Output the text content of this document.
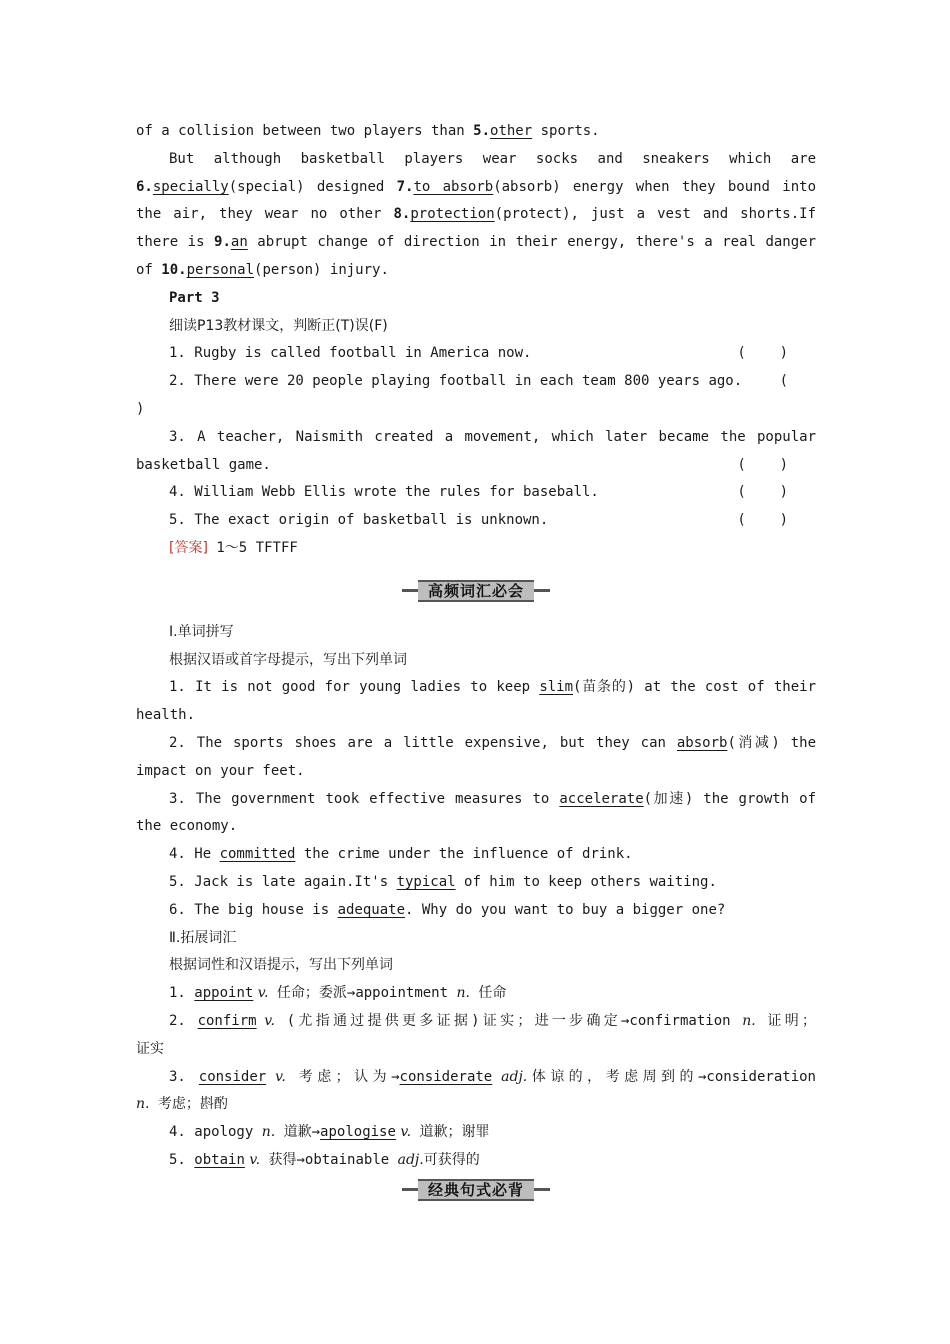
of a collision between two players than 5.other sports.
But although basketball players wear socks and sneakers which are
6.specially(special) designed 7.to absorb(absorb) energy when they bound into
the air, they wear no other 8.protection(protect), just a vest and shorts.If
there is 9.an abrupt change of direction in their energy, there's a real danger
of 10.personal(person) injury.
Part 3
细读P13教材课文，判断正(T)误(F)
1. Rugby is called football in America now.	(    )
2. There were 20 people playing football in each team 800 years ago.	(
)
3. A teacher, Naismith created a movement, which later became the popular
basketball game.	(    )
4. William Webb Ellis wrote the rules for baseball.	(    )
5. The exact origin of basketball is unknown.	(    )
[答案] 1～5 TFTFF
高频词汇必会
Ⅰ.单词拼写
根据汉语或首字母提示，写出下列单词
1. It is not good for young ladies to keep slim(苗条的) at the cost of their
health.
2. The sports shoes are a little expensive, but they can absorb(消减) the
impact on your feet.
3. The government took effective measures to accelerate(加速) the growth of
the economy.
4. He committed the crime under the influence of drink.
5. Jack is late again.It's typical of him to keep others waiting.
6. The big house is adequate. Why do you want to buy a bigger one?
Ⅱ.拓展词汇
根据词性和汉语提示，写出下列单词
1. appoint v. 任命；委派→appointment n. 任命
2. confirm v. (尤指通过提供更多证据)证实；进一步确定→confirmation n. 证明；
证实
3. consider v. 考虑；认为→considerate adj.体谅的，考虑周到的→consideration
n. 考虑；斟酌
4. apology n. 道歉→apologise v. 道歉；谢罪
5. obtain v. 获得→obtainable adj.可获得的
经典句式必背
